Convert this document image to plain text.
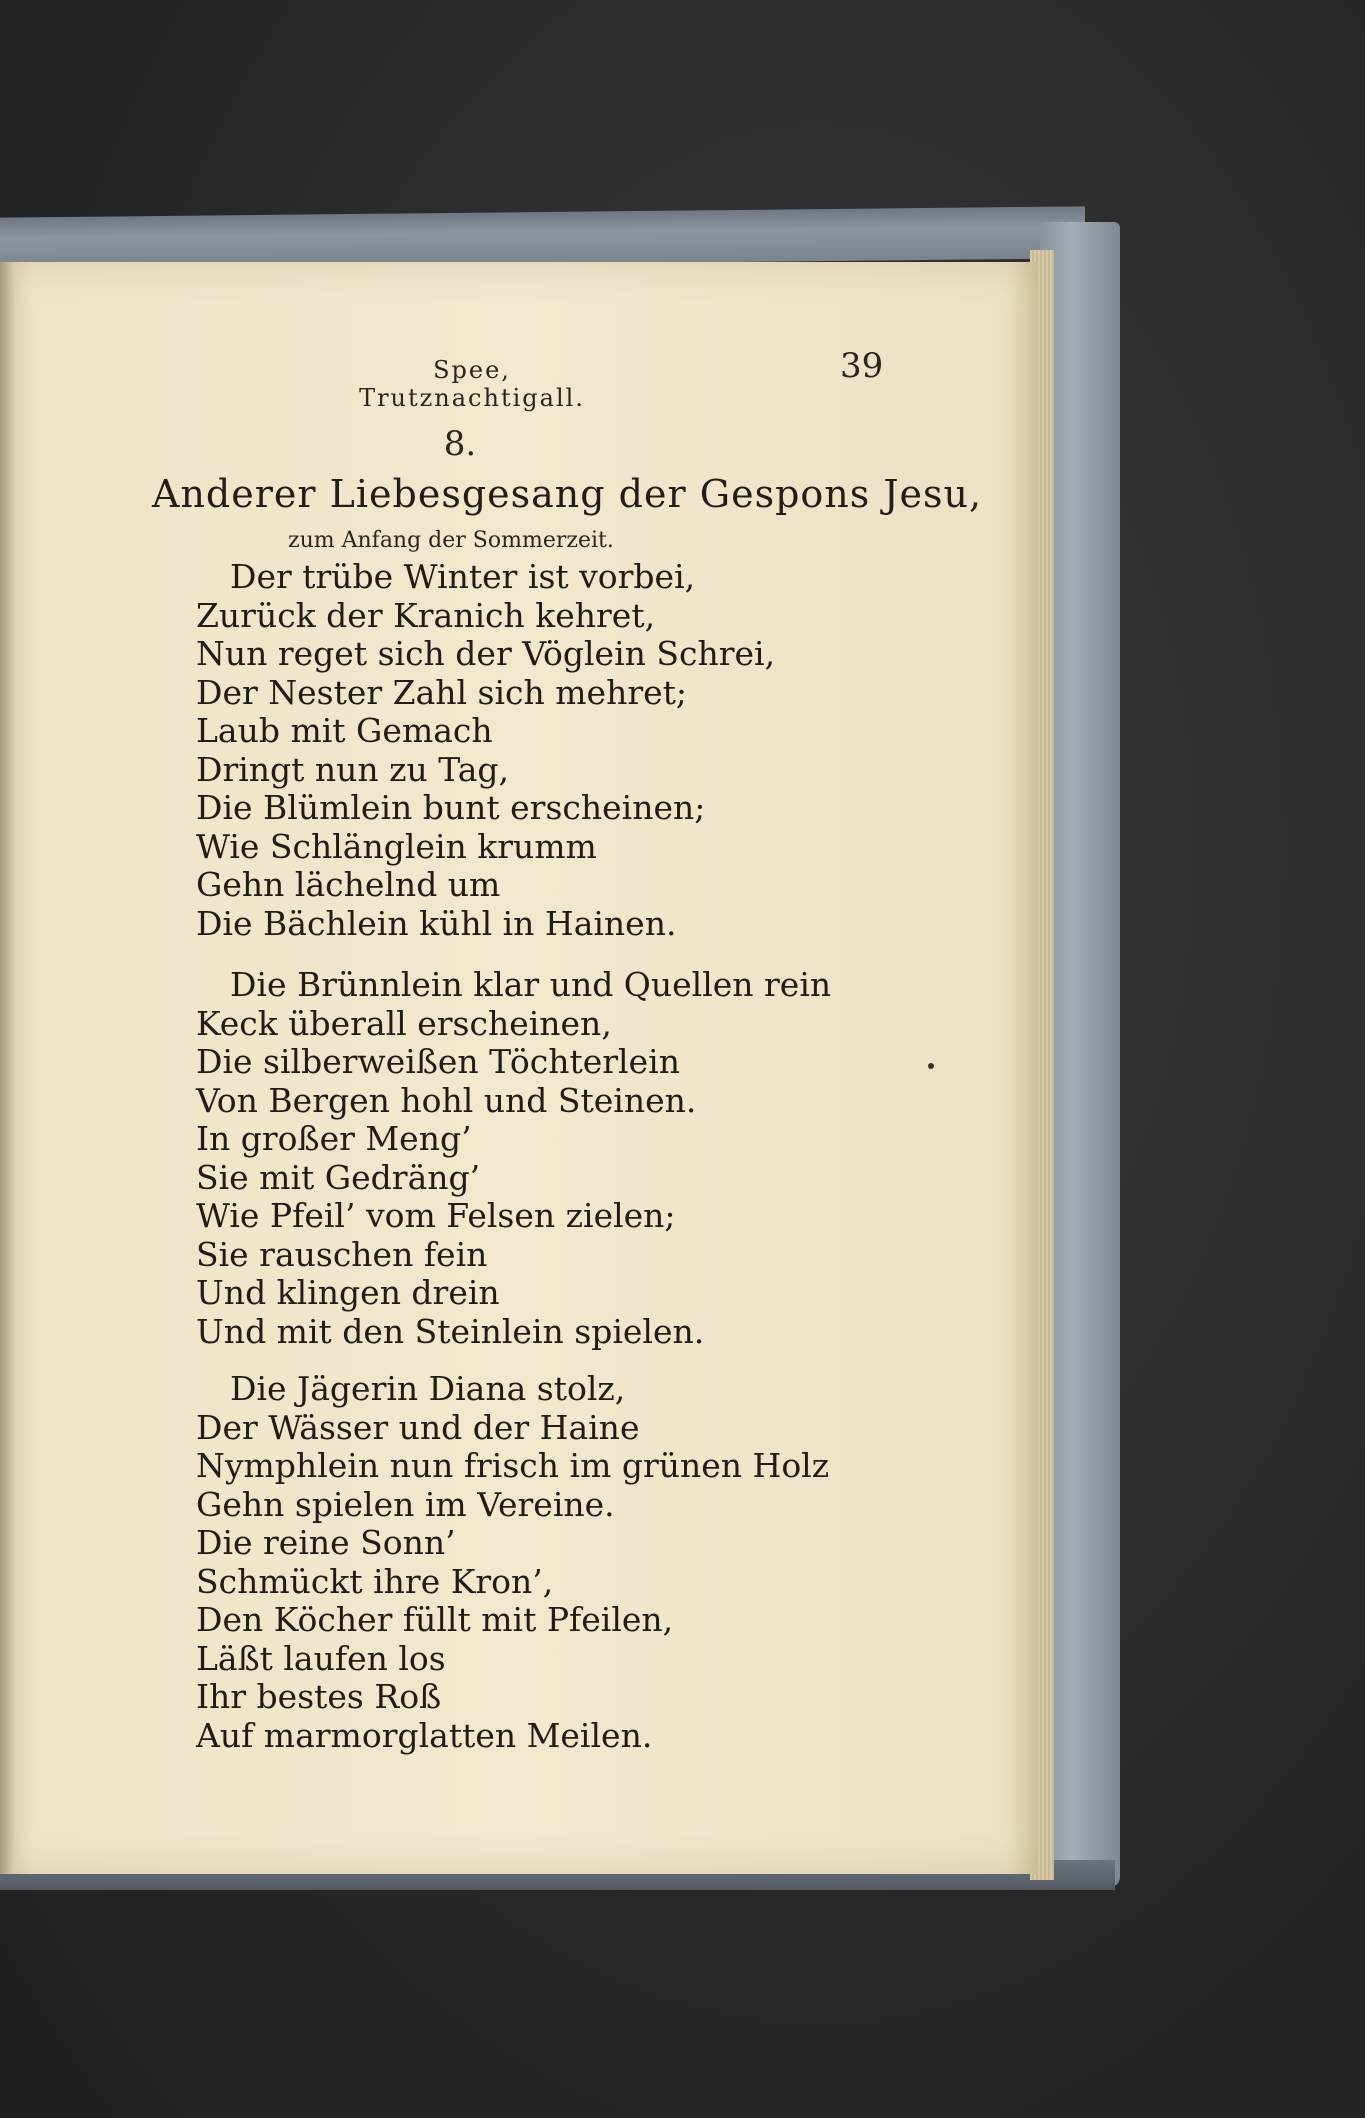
Spee, Trutznachtigall.
39
8.
Anderer Liebesgesang der Gespons Jesu,
zum Anfang der Sommerzeit.
Der trübe Winter ist vorbei,
Zurück der Kranich kehret,
Nun reget sich der Vöglein Schrei,
Der Nester Zahl sich mehret;
Laub mit Gemach
Dringt nun zu Tag,
Die Blümlein bunt erscheinen;
Wie Schlänglein krumm
Gehn lächelnd um
Die Bächlein kühl in Hainen.
Die Brünnlein klar und Quellen rein
Keck überall erscheinen,
Die silberweißen Töchterlein
Von Bergen hohl und Steinen.
In großer Meng’
Sie mit Gedräng’
Wie Pfeil’ vom Felsen zielen;
Sie rauschen fein
Und klingen drein
Und mit den Steinlein spielen.
Die Jägerin Diana stolz,
Der Wässer und der Haine
Nymphlein nun frisch im grünen Holz
Gehn spielen im Vereine.
Die reine Sonn’
Schmückt ihre Kron’,
Den Köcher füllt mit Pfeilen,
Läßt laufen los
Ihr bestes Roß
Auf marmorglatten Meilen.
